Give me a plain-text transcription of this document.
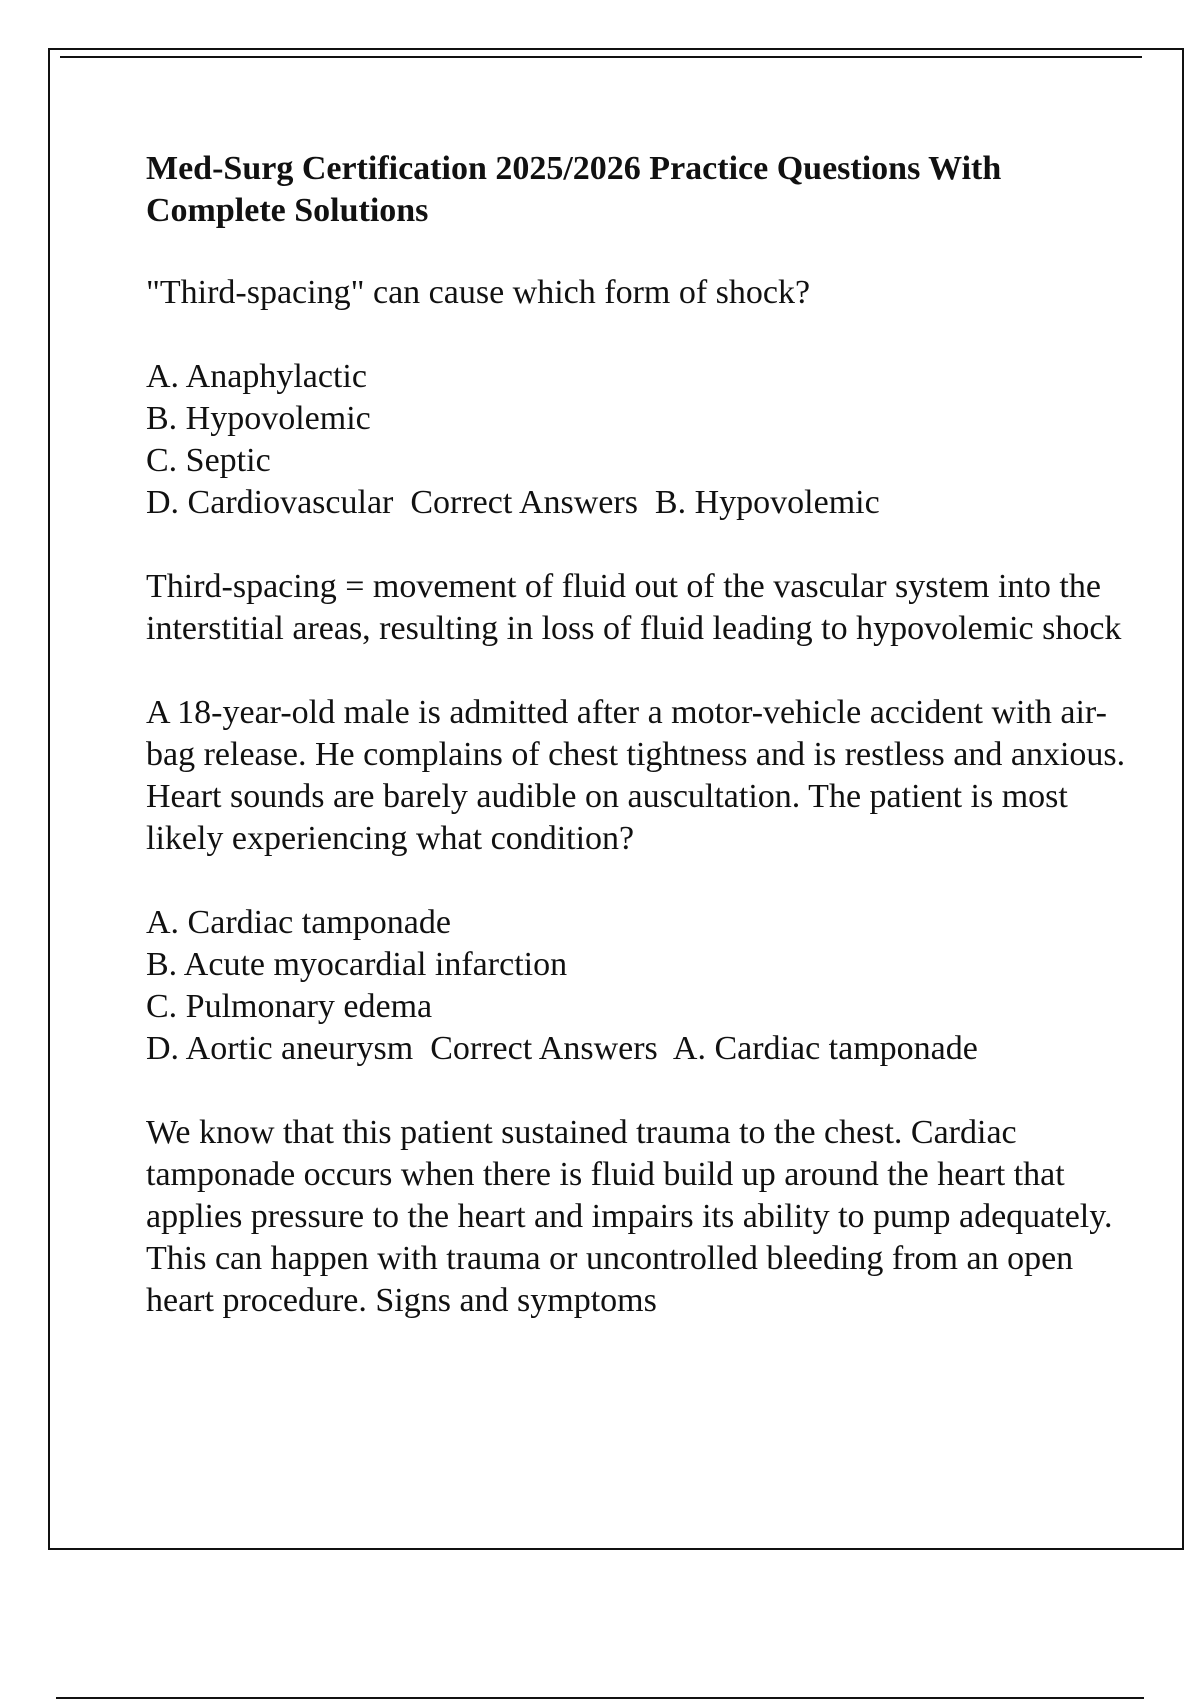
Med-Surg Certification 2025/2026 Practice Questions With Complete Solutions
"Third-spacing" can cause which form of shock?
A. Anaphylactic
B. Hypovolemic
C. Septic
D. Cardiovascular  Correct Answers  B. Hypovolemic
Third-spacing = movement of fluid out of the vascular system into the interstitial areas, resulting in loss of fluid leading to hypovolemic shock
A 18-year-old male is admitted after a motor-vehicle accident with air-bag release. He complains of chest tightness and is restless and anxious. Heart sounds are barely audible on auscultation. The patient is most likely experiencing what condition?
A. Cardiac tamponade
B. Acute myocardial infarction
C. Pulmonary edema
D. Aortic aneurysm  Correct Answers  A. Cardiac tamponade
We know that this patient sustained trauma to the chest. Cardiac tamponade occurs when there is fluid build up around the heart that applies pressure to the heart and impairs its ability to pump adequately. This can happen with trauma or uncontrolled bleeding from an open heart procedure. Signs and symptoms
